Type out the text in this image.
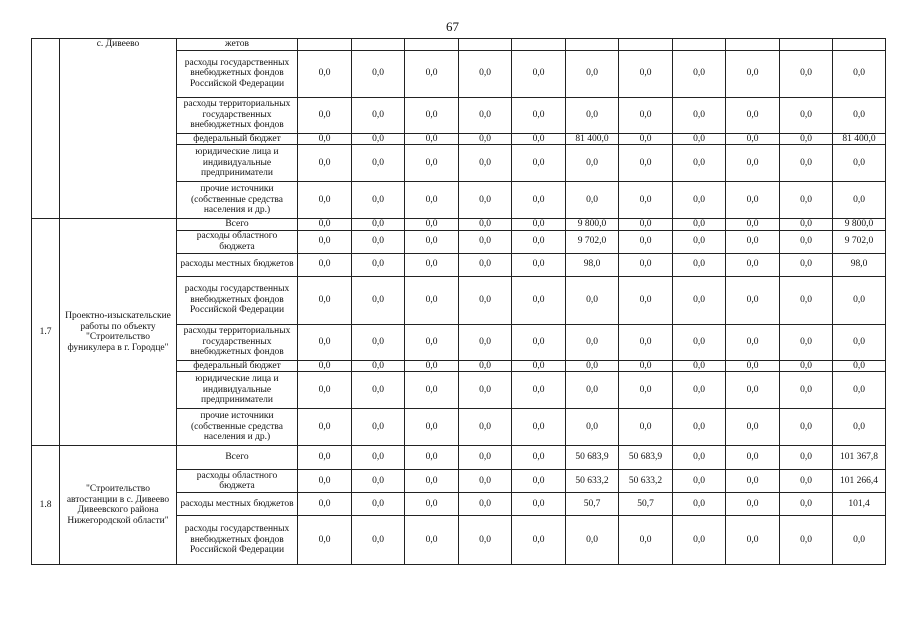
67
	с. Дивеево	жетов											
		расходы государственных внебюджетных фондов Российской Федерации	0,0	0,0	0,0	0,0	0,0	0,0	0,0	0,0	0,0	0,0	0,0
		расходы территориальных государственных внебюджетных фондов	0,0	0,0	0,0	0,0	0,0	0,0	0,0	0,0	0,0	0,0	0,0
		федеральный бюджет	0,0	0,0	0,0	0,0	0,0	81 400,0	0,0	0,0	0,0	0,0	81 400,0
		юридические лица и индивидуальные предприниматели	0,0	0,0	0,0	0,0	0,0	0,0	0,0	0,0	0,0	0,0	0,0
		прочие источники (собственные средства населения и др.)	0,0	0,0	0,0	0,0	0,0	0,0	0,0	0,0	0,0	0,0	0,0
1.7	Проектно-изыскательские работы по объекту "Строительство фуникулера в г. Городце"	Всего	0,0	0,0	0,0	0,0	0,0	9 800,0	0,0	0,0	0,0	0,0	9 800,0
		расходы областного бюджета	0,0	0,0	0,0	0,0	0,0	9 702,0	0,0	0,0	0,0	0,0	9 702,0
		расходы местных бюджетов	0,0	0,0	0,0	0,0	0,0	98,0	0,0	0,0	0,0	0,0	98,0
		расходы государственных внебюджетных фондов Российской Федерации	0,0	0,0	0,0	0,0	0,0	0,0	0,0	0,0	0,0	0,0	0,0
		расходы территориальных государственных внебюджетных фондов	0,0	0,0	0,0	0,0	0,0	0,0	0,0	0,0	0,0	0,0	0,0
		федеральный бюджет	0,0	0,0	0,0	0,0	0,0	0,0	0,0	0,0	0,0	0,0	0,0
		юридические лица и индивидуальные предприниматели	0,0	0,0	0,0	0,0	0,0	0,0	0,0	0,0	0,0	0,0	0,0
		прочие источники (собственные средства населения и др.)	0,0	0,0	0,0	0,0	0,0	0,0	0,0	0,0	0,0	0,0	0,0
1.8	"Строительство автостанции в с. Дивеево Дивеевского района Нижегородской области"	Всего	0,0	0,0	0,0	0,0	0,0	50 683,9	50 683,9	0,0	0,0	0,0	101 367,8
		расходы областного бюджета	0,0	0,0	0,0	0,0	0,0	50 633,2	50 633,2	0,0	0,0	0,0	101 266,4
		расходы местных бюджетов	0,0	0,0	0,0	0,0	0,0	50,7	50,7	0,0	0,0	0,0	101,4
		расходы государственных внебюджетных фондов Российской Федерации	0,0	0,0	0,0	0,0	0,0	0,0	0,0	0,0	0,0	0,0	0,0
